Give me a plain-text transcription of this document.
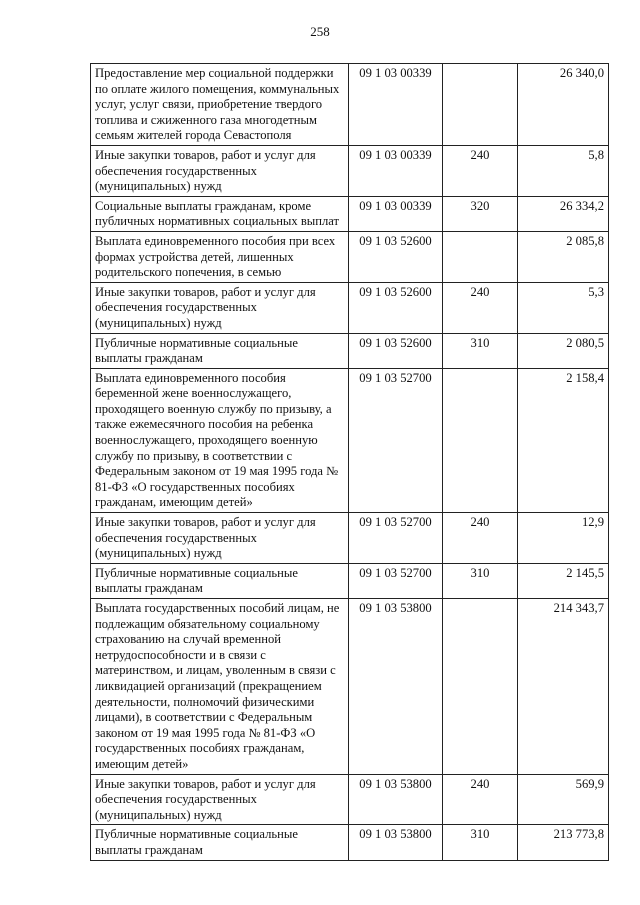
258
Предоставление мер социальной поддержки по оплате жилого помещения, коммунальных услуг, услуг связи, приобретение твердого топлива и сжиженного газа многодетным семьям жителей города Севастополя	09 1 03 00339		26 340,0
Иные закупки товаров, работ и услуг для обеспечения государственных (муниципальных) нужд	09 1 03 00339	240	5,8
Социальные выплаты гражданам, кроме публичных нормативных социальных выплат	09 1 03 00339	320	26 334,2
Выплата единовременного пособия при всех формах устройства детей, лишенных родительского попечения, в семью	09 1 03 52600		2 085,8
Иные закупки товаров, работ и услуг для обеспечения государственных (муниципальных) нужд	09 1 03 52600	240	5,3
Публичные нормативные социальные выплаты гражданам	09 1 03 52600	310	2 080,5
Выплата единовременного пособия беременной жене военнослужащего, проходящего военную службу по призыву, а также ежемесячного пособия на ребенка военнослужащего, проходящего военную службу по призыву, в соответствии с Федеральным законом от 19 мая 1995 года № 81-ФЗ «О государственных пособиях гражданам, имеющим детей»	09 1 03 52700		2 158,4
Иные закупки товаров, работ и услуг для обеспечения государственных (муниципальных) нужд	09 1 03 52700	240	12,9
Публичные нормативные социальные выплаты гражданам	09 1 03 52700	310	2 145,5
Выплата государственных пособий лицам, не подлежащим обязательному социальному страхованию на случай временной нетрудоспособности и в связи с материнством, и лицам, уволенным в связи с ликвидацией организаций (прекращением деятельности, полномочий физическими лицами), в соответствии с Федеральным законом от 19 мая 1995 года № 81-ФЗ «О государственных пособиях гражданам, имеющим детей»	09 1 03 53800		214 343,7
Иные закупки товаров, работ и услуг для обеспечения государственных (муниципальных) нужд	09 1 03 53800	240	569,9
Публичные нормативные социальные выплаты гражданам	09 1 03 53800	310	213 773,8
